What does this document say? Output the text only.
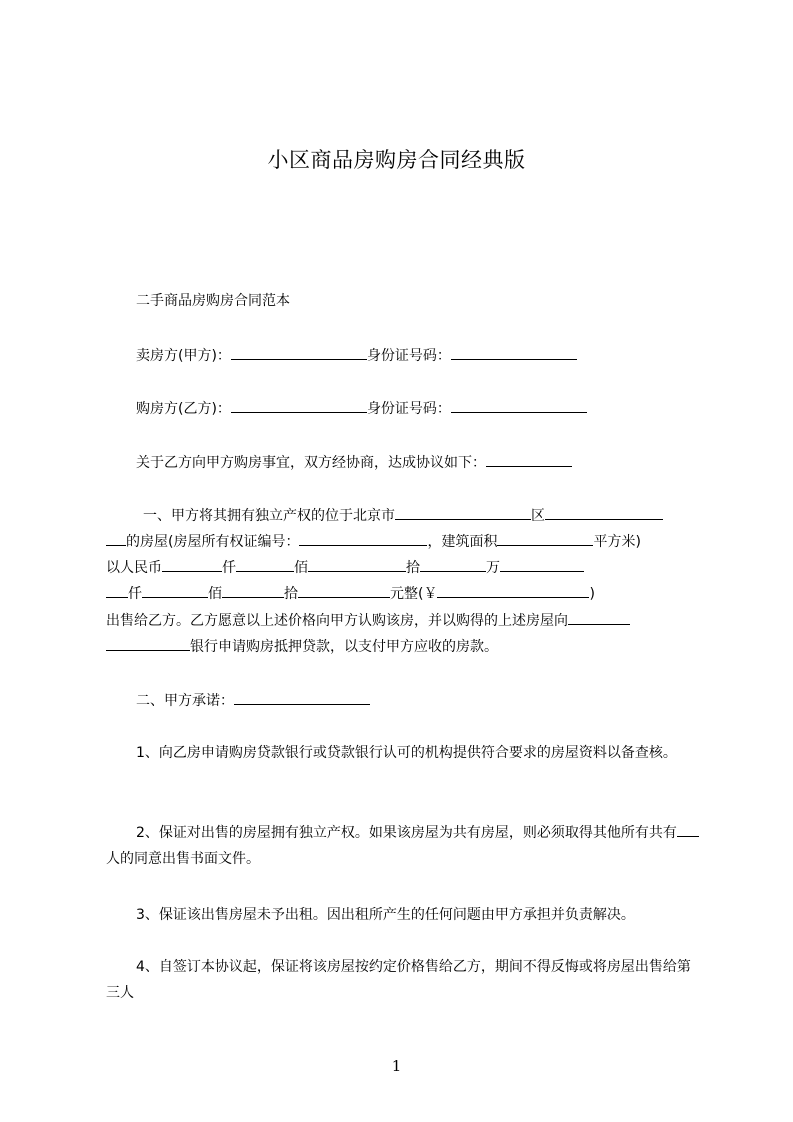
小区商品房购房合同经典版
二手商品房购房合同范本
卖房方(甲方)：	身份证号码：
购房方(乙方)：	身份证号码：
关于乙方向甲方购房事宜，双方经协商，达成协议如下：
一、甲方将其拥有独立产权的位于北京市	区
的房屋(房屋所有权证编号：	，建筑面积	平方米)
以人民币	仟	佰	拾	万
仟	佰	拾	元整(￥	)
出售给乙方。乙方愿意以上述价格向甲方认购该房，并以购得的上述房屋向
银行申请购房抵押贷款，以支付甲方应收的房款。
二、甲方承诺：
1、向乙房申请购房贷款银行或贷款银行认可的机构提供符合要求的房屋资料以备查核。
2、保证对出售的房屋拥有独立产权。如果该房屋为共有房屋，则必须取得其他所有共有人的同意出售书面文件。
3、保证该出售房屋未予出租。因出租所产生的任何问题由甲方承担并负责解决。
4、自签订本协议起，保证将该房屋按约定价格售给乙方，期间不得反悔或将房屋出售给第三人
1
